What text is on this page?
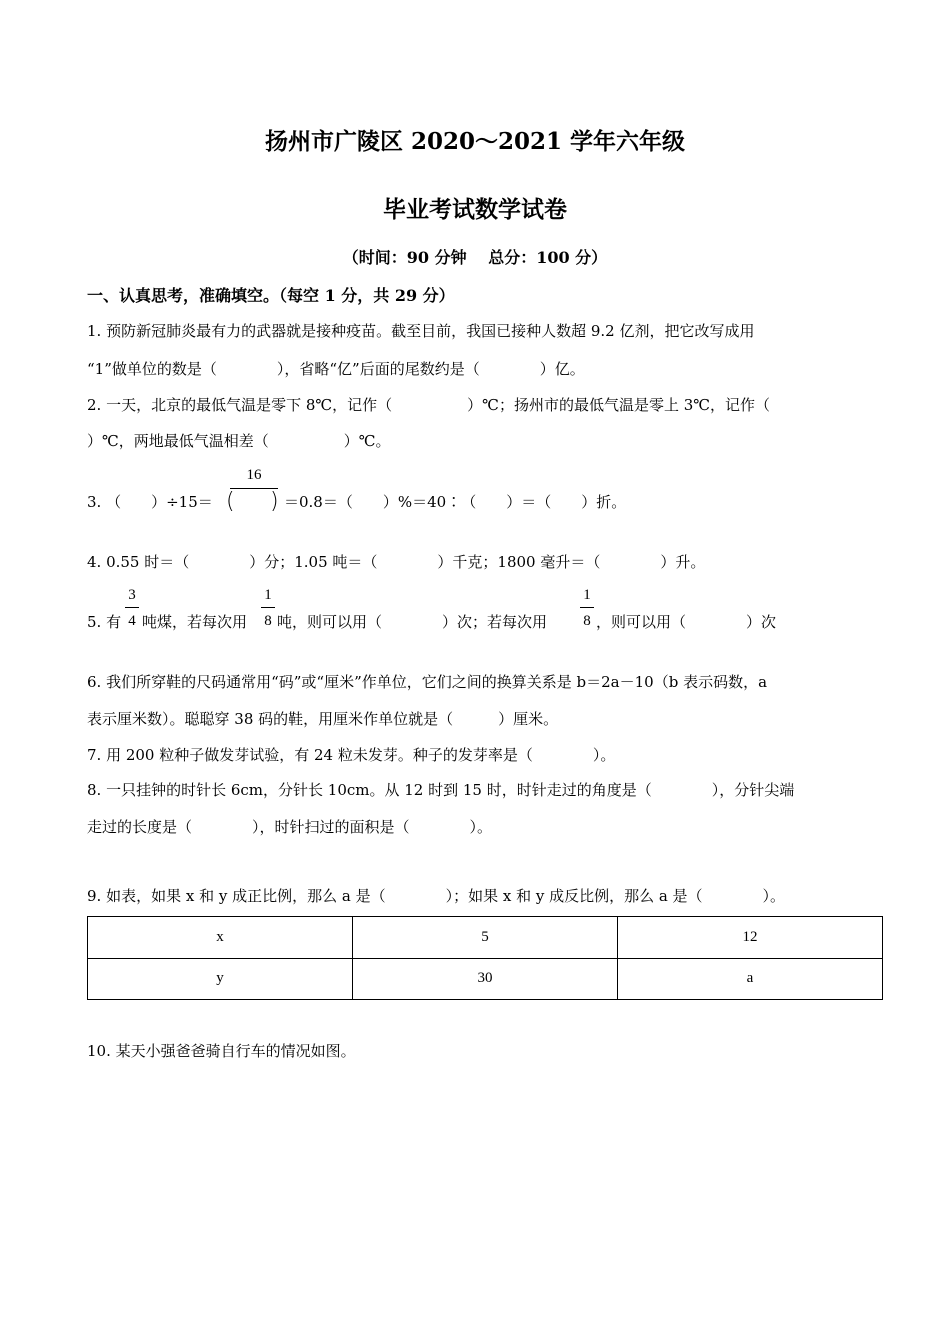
扬州市广陵区 2020～2021 学年六年级
毕业考试数学试卷
（时间：90 分钟　 总分：100 分）
一、认真思考，准确填空。（每空 1 分，共 29 分）
1. 预防新冠肺炎最有力的武器就是接种疫苗。截至目前，我国已接种人数超 9.2 亿剂，把它改写成用
“1”做单位的数是（　　　　），省略“亿”后面的尾数约是（　　　　）亿。
2. 一天，北京的最低气温是零下 8℃，记作（　　　　　）℃；扬州市的最低气温是零上 3℃，记作（
）℃，两地最低气温相差（　　　　　）℃。
3. （　　）÷15＝
16
( ) ＝0.8＝（　　）%＝40∶（　　）＝（　　）折。
4. 0.55 时＝（　　　　）分；1.05 吨＝（　　　　）千克；1800 毫升＝（　　　　）升。
5. 有
3
4 吨煤，若每次用
1
8 吨，则可以用（　　　　）次；若每次用
1
8 ，则可以用（　　　　）次
6. 我们所穿鞋的尺码通常用“码”或“厘米”作单位，它们之间的换算关系是 b＝2a－10（b 表示码数，a
表示厘米数）。聪聪穿 38 码的鞋，用厘米作单位就是（　　　）厘米。
7. 用 200 粒种子做发芽试验，有 24 粒未发芽。种子的发芽率是（　　　　）。
8. 一只挂钟的时针长 6cm，分针长 10cm。从 12 时到 15 时，时针走过的角度是（　　　　），分针尖端
走过的长度是（　　　　），时针扫过的面积是（　　　　）。
9. 如表，如果 x 和 y 成正比例，那么 a 是（　　　　）；如果 x 和 y 成反比例，那么 a 是（　　　　）。
x	5	12
y	30	a
10. 某天小强爸爸骑自行车的情况如图。
